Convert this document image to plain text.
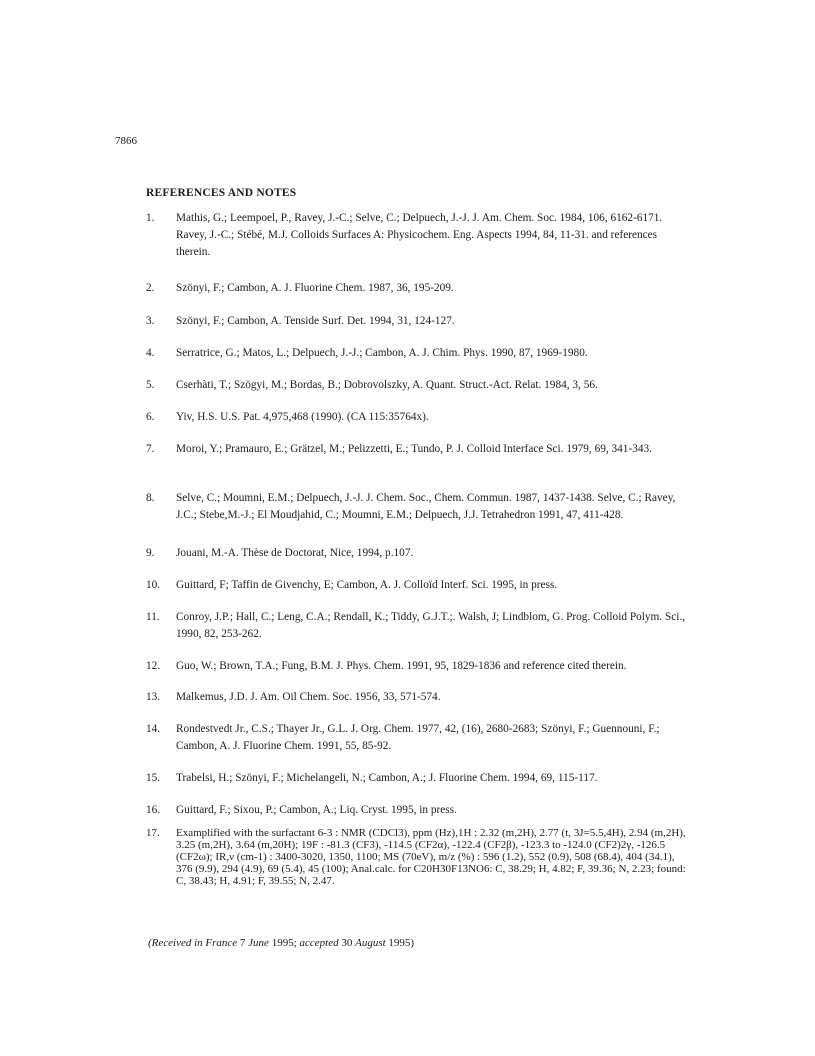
7866
REFERENCES AND NOTES
1.	Mathis, G.; Leempoel, P., Ravey, J.-C.; Selve, C.; Delpuech, J.-J. J. Am. Chem. Soc. 1984, 106, 6162-6171. Ravey, J.-C.; Stébé, M.J. Colloids Surfaces A: Physicochem. Eng. Aspects 1994, 84, 11-31. and references therein.
2.	Szönyi, F.; Cambon, A. J. Fluorine Chem. 1987, 36, 195-209.
3.	Szönyi, F.; Cambon, A. Tenside Surf. Det. 1994, 31, 124-127.
4.	Serratrice, G.; Matos, L.; Delpuech, J.-J.; Cambon, A. J. Chim. Phys. 1990, 87, 1969-1980.
5.	Cserhàti, T.; Szögyi, M.; Bordas, B.; Dobrovolszky, A. Quant. Struct.-Act. Relat. 1984, 3, 56.
6.	Yiv, H.S. U.S. Pat. 4,975,468 (1990). (CA 115:35764x).
7.	Moroi, Y.; Pramauro, E.; Grätzel, M.; Pelizzetti, E.; Tundo, P. J. Colloid Interface Sci. 1979, 69, 341-343.
8.	Selve, C.; Moumni, E.M.; Delpuech, J.-J. J. Chem. Soc., Chem. Commun. 1987, 1437-1438. Selve, C.; Ravey, J.C.; Stebe,M.-J.; El Moudjahid, C.; Moumni, E.M.; Delpuech, J.J. Tetrahedron 1991, 47, 411-428.
9.	Jouani, M.-A. Thèse de Doctorat, Nice, 1994, p.107.
10.	Guittard, F; Taffin de Givenchy, E; Cambon, A. J. Colloïd Interf. Sci. 1995, in press.
11.	Conroy, J.P.; Hall, C.; Leng, C.A.; Rendall, K.; Tiddy, G.J.T.;. Walsh, J; Lindblom, G. Prog. Colloid Polym. Sci., 1990, 82, 253-262.
12.	Guo, W.; Brown, T.A.; Fung, B.M. J. Phys. Chem. 1991, 95, 1829-1836 and reference cited therein.
13.	Malkemus, J.D. J. Am. Oil Chem. Soc. 1956, 33, 571-574.
14.	Rondestvedt Jr., C.S.; Thayer Jr., G.L. J. Org. Chem. 1977, 42, (16), 2680-2683; Szönyi, F.; Guennouni, F.; Cambon, A. J. Fluorine Chem. 1991, 55, 85-92.
15.	Trabelsi, H.; Szönyi, F.; Michelangeli, N.; Cambon, A.; J. Fluorine Chem. 1994, 69, 115-117.
16.	Guittard, F.; Sixou, P.; Cambon, A.; Liq. Cryst. 1995, in press.
17.	Examplified with the surfactant 6-3 : NMR (CDCl3), ppm (Hz),1H : 2.32 (m,2H), 2.77 (t, 3J=5.5,4H), 2.94 (m,2H), 3.25 (m,2H), 3.64 (m,20H); 19F : -81.3 (CF3), -114.5 (CF2α), -122.4 (CF2β), -123.3 to -124.0 (CF2)2γ, -126.5 (CF2ω); IR,ν (cm-1) : 3400-3020, 1350, 1100; MS (70eV), m/z (%) : 596 (1.2), 552 (0.9), 508 (68.4), 404 (34.1), 376 (9.9), 294 (4.9), 69 (5.4), 45 (100); Anal.calc. for C20H30F13NO6: C, 38.29; H, 4.82; F, 39.36; N, 2.23; found: C, 38.43; H, 4.91; F, 39.55; N, 2.47.
(Received in France 7 June 1995; accepted 30 August 1995)
